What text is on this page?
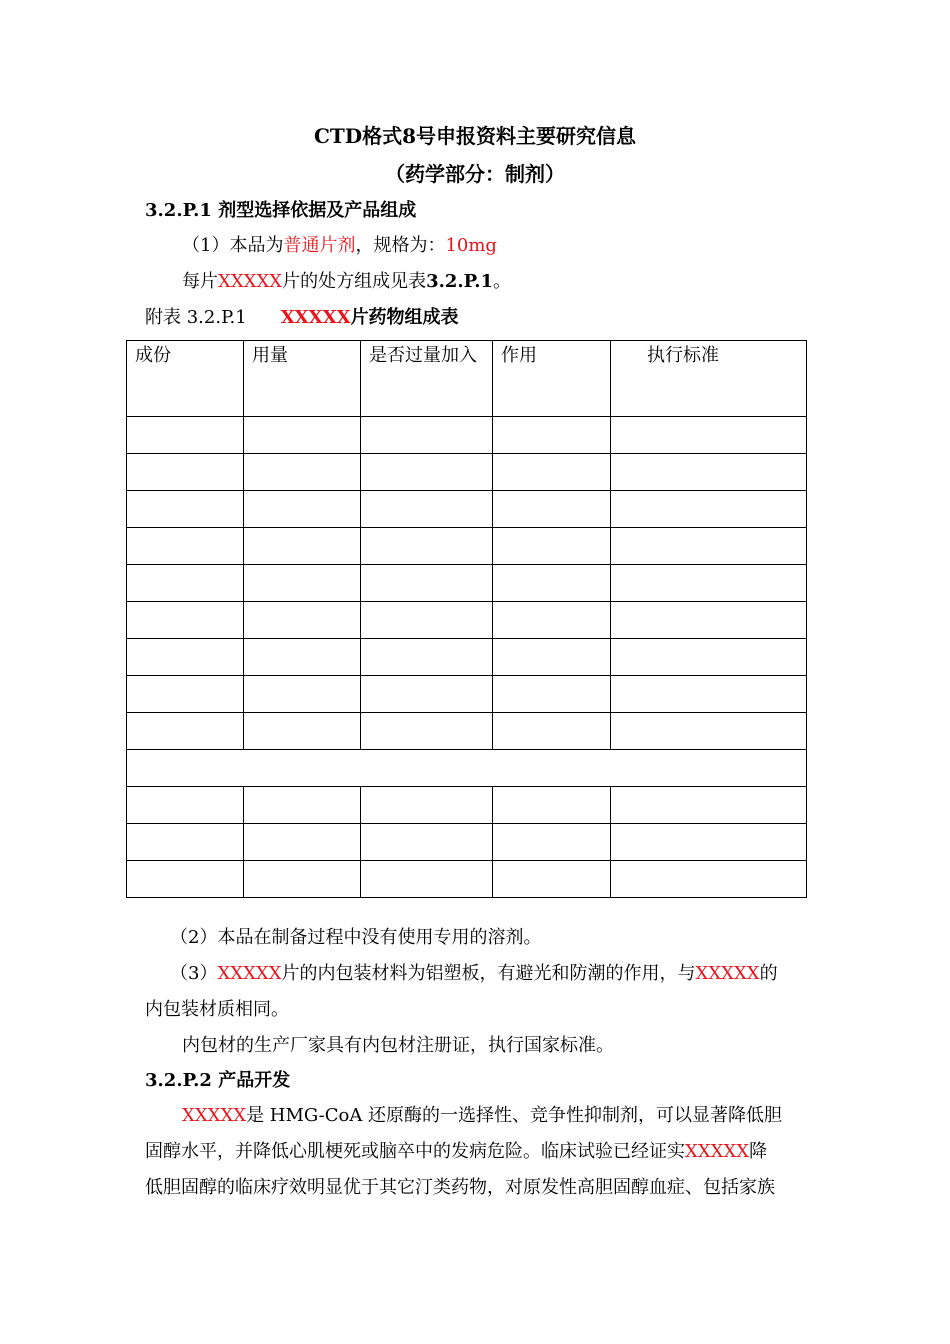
CTD格式8号申报资料主要研究信息
（药学部分：制剂）
3.2.P.1 剂型选择依据及产品组成
（1）本品为普通片剂，规格为：10mg
每片XXXXX片的处方组成见表3.2.P.1。
附表 3.2.P.1 XXXXX片药物组成表
成份	用量	是否过量加入	作用	执行标准

（2）本品在制备过程中没有使用专用的溶剂。
（3）XXXXX片的内包装材料为铝塑板，有避光和防潮的作用，与XXXXX的
内包装材质相同。
内包材的生产厂家具有内包材注册证，执行国家标准。
3.2.P.2 产品开发
XXXXX是 HMG-CoA 还原酶的一选择性、竞争性抑制剂，可以显著降低胆
固醇水平，并降低心肌梗死或脑卒中的发病危险。临床试验已经证实XXXXX降
低胆固醇的临床疗效明显优于其它汀类药物，对原发性高胆固醇血症、包括家族
